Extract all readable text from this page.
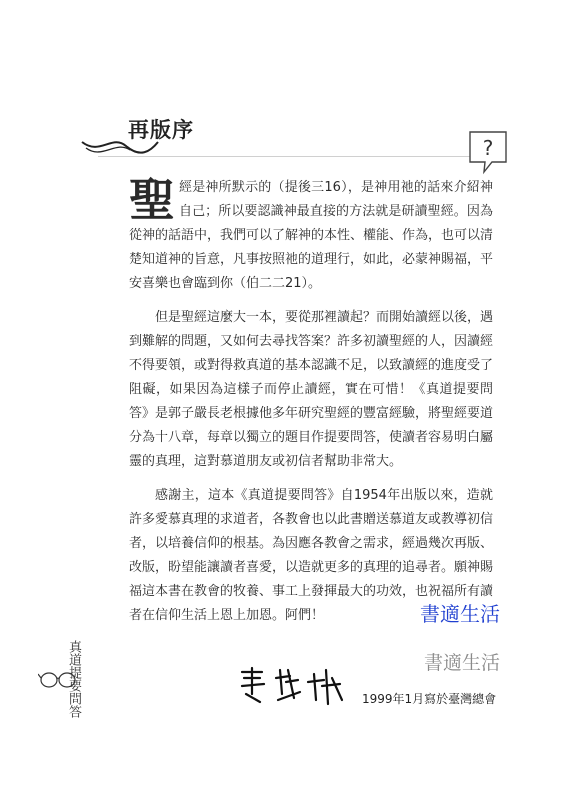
再版序
?

聖經是神所默示的（提後三16），是神用祂的話來介紹神自己；所以要認識神最直接的方法就是研讀聖經。因為從神的話語中，我們可以了解神的本性、權能、作為，也可以清楚知道神的旨意，凡事按照祂的道理行，如此，必蒙神賜福，平安喜樂也會臨到你（伯二二21）。

但是聖經這麼大一本，要從那裡讀起？而開始讀經以後，遇到難解的問題，又如何去尋找答案？許多初讀聖經的人，因讀經不得要領，或對得救真道的基本認識不足，以致讀經的進度受了阻礙，如果因為這樣子而停止讀經，實在可惜！《真道提要問答》是郭子嚴長老根據他多年研究聖經的豐富經驗，將聖經要道分為十八章，每章以獨立的題目作提要問答，使讀者容易明白屬靈的真理，這對慕道朋友或初信者幫助非常大。

感謝主，這本《真道提要問答》自1954年出版以來，造就許多愛慕真理的求道者，各教會也以此書贈送慕道友或教導初信者，以培養信仰的根基。為因應各教會之需求，經過幾次再版、改版，盼望能讓讀者喜愛，以造就更多的真理的追尋者。願神賜福這本書在教會的牧養、事工上發揮最大的功效，也祝福所有讀者在信仰生活上恩上加恩。阿們！	書適生活
書適生活
1999年1月寫於臺灣總會
真道提要問答
